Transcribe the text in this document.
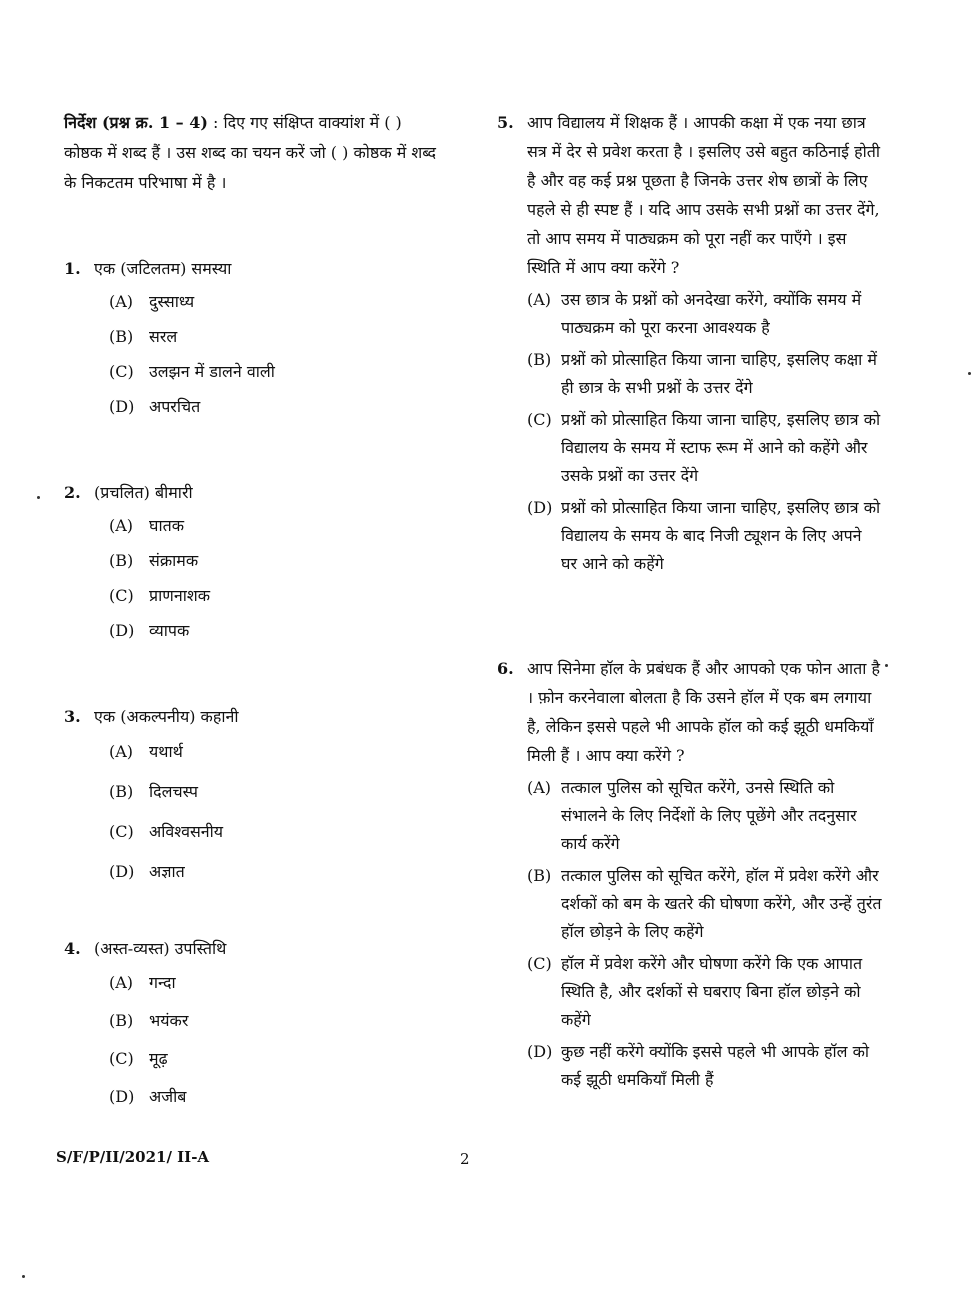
निर्देश (प्रश्न क्र. 1 – 4) : दिए गए संक्षिप्त वाक्यांश में ( ) कोष्ठक में शब्द हैं । उस शब्द का चयन करें जो ( ) कोष्ठक में शब्द के निकटतम परिभाषा में है ।

1. एक (जटिलतम) समस्या
(A) दुस्साध्य
(B) सरल
(C) उलझन में डालने वाली
(D) अपरचित
2. (प्रचलित) बीमारी
(A) घातक
(B) संक्रामक
(C) प्राणनाशक
(D) व्यापक
3. एक (अकल्पनीय) कहानी
(A) यथार्थ
(B) दिलचस्प
(C) अविश्वसनीय
(D) अज्ञात
4. (अस्त-व्यस्त) उपस्तिथि
(A) गन्दा
(B) भयंकर
(C) मूढ़
(D) अजीब
5. आप विद्यालय में शिक्षक हैं । आपकी कक्षा में एक नया छात्र सत्र में देर से प्रवेश करता है । इसलिए उसे बहुत कठिनाई होती है और वह कई प्रश्न पूछता है जिनके उत्तर शेष छात्रों के लिए पहले से ही स्पष्ट हैं । यदि आप उसके सभी प्रश्नों का उत्तर देंगे, तो आप समय में पाठ्यक्रम को पूरा नहीं कर पाएँगे । इस स्थिति में आप क्या करेंगे ?
(A) उस छात्र के प्रश्नों को अनदेखा करेंगे, क्योंकि समय में पाठ्यक्रम को पूरा करना आवश्यक है
(B) प्रश्नों को प्रोत्साहित किया जाना चाहिए, इसलिए कक्षा में ही छात्र के सभी प्रश्नों के उत्तर देंगे
(C) प्रश्नों को प्रोत्साहित किया जाना चाहिए, इसलिए छात्र को विद्यालय के समय में स्टाफ रूम में आने को कहेंगे और उसके प्रश्नों का उत्तर देंगे
(D) प्रश्नों को प्रोत्साहित किया जाना चाहिए, इसलिए छात्र को विद्यालय के समय के बाद निजी ट्यूशन के लिए अपने घर आने को कहेंगे
6. आप सिनेमा हॉल के प्रबंधक हैं और आपको एक फोन आता है । फ़ोन करनेवाला बोलता है कि उसने हॉल में एक बम लगाया है, लेकिन इससे पहले भी आपके हॉल को कई झूठी धमकियाँ मिली हैं । आप क्या करेंगे ?
(A) तत्काल पुलिस को सूचित करेंगे, उनसे स्थिति को संभालने के लिए निर्देशों के लिए पूछेंगे और तदनुसार कार्य करेंगे
(B) तत्काल पुलिस को सूचित करेंगे, हॉल में प्रवेश करेंगे और दर्शकों को बम के खतरे की घोषणा करेंगे, और उन्हें तुरंत हॉल छोड़ने के लिए कहेंगे
(C) हॉल में प्रवेश करेंगे और घोषणा करेंगे कि एक आपात स्थिति है, और दर्शकों से घबराए बिना हॉल छोड़ने को कहेंगे
(D) कुछ नहीं करेंगे क्योंकि इससे पहले भी आपके हॉल को कई झूठी धमकियाँ मिली हैं
S/F/P/II/2021/ II-A	2
